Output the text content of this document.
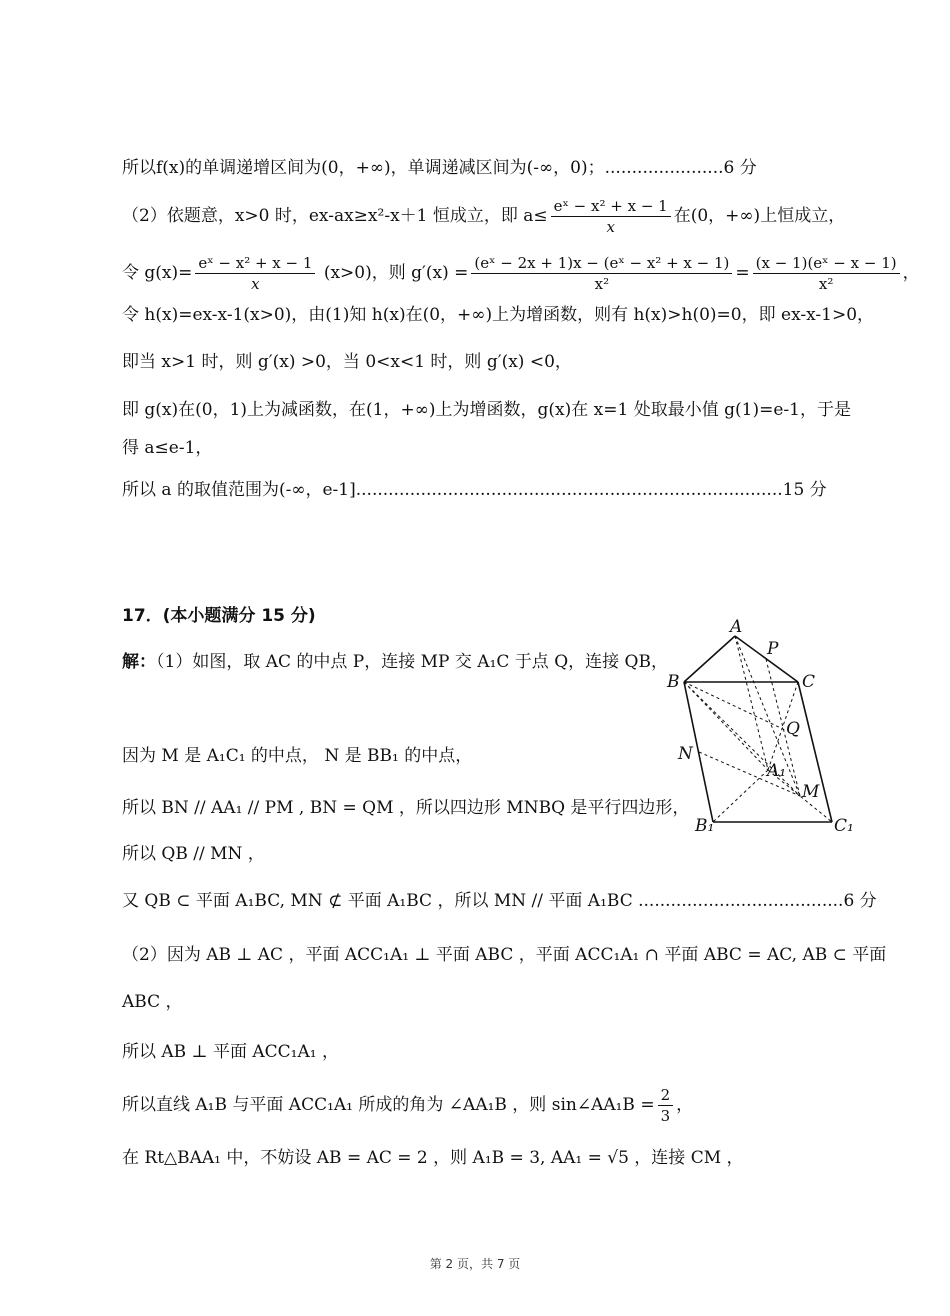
所以f(x)的单调递增区间为(0，+∞)，单调递减区间为(-∞，0)；......................6 分
（2）依题意，x>0 时，ex-ax≥x²-x＋1 恒成立，即 $a\le \frac{\text{eˣ − x² + x − 1}}{x}$ 在(0，+∞)上恒成立，
令 $g(x)= \frac{\text{eˣ − x² + x − 1}}{x} (x>0)$，则 $g'(x) = \frac{\text{(eˣ − 2x + 1)x − (eˣ − x² + x − 1)}}{\text{x²}} = \frac{\text{(x − 1)(eˣ − x − 1)}}{\text{x²}}$ ，
令 h(x)=ex-x-1(x>0)，由(1)知 h(x)在(0，+∞)上为增函数，则有 h(x)>h(0)=0，即 ex-x-1>0，
即当 x>1 时，则 g′(x) >0，当 0<x<1 时，则 g′(x) <0，
即 g(x)在(0，1)上为减函数，在(1，+∞)上为增函数，g(x)在 x=1 处取最小值 g(1)=e-1，于是
得 a≤e-1，
所以 a 的取值范围为(-∞，e-1]...............................................................................15 分
17．(本小题满分 15 分)
解：（1）如图，取 AC 的中点 P，连接 MP 交 A₁C 于点 Q，连接 QB，
因为 M 是 A₁C₁ 的中点， N 是 BB₁ 的中点，
所以 BN // AA₁ // PM , BN = QM ，所以四边形 MNBQ 是平行四边形，
所以 QB // MN ，
又 QB ⊂ 平面 A₁BC, MN ⊄ 平面 A₁BC ，所以 MN // 平面 A₁BC ......................................6 分
（2）因为 AB ⊥ AC ，平面 ACC₁A₁ ⊥ 平面 ABC ，平面 ACC₁A₁ ∩ 平面 ABC = AC, AB ⊂ 平面
ABC ，
所以 AB ⊥ 平面 ACC₁A₁ ，
所以直线 A₁B 与平面 ACC₁A₁ 所成的角为 ∠AA₁B ，则 sin∠AA₁B = $\frac{2}{3}$ ，
在 Rt△BAA₁ 中，不妨设 AB = AC = 2 ，则 A₁B = 3, AA₁ = √5 ，连接 CM ，
A
P
B	C
Q
N
A₁
M
B₁	C₁
第 2 页，共 7 页
